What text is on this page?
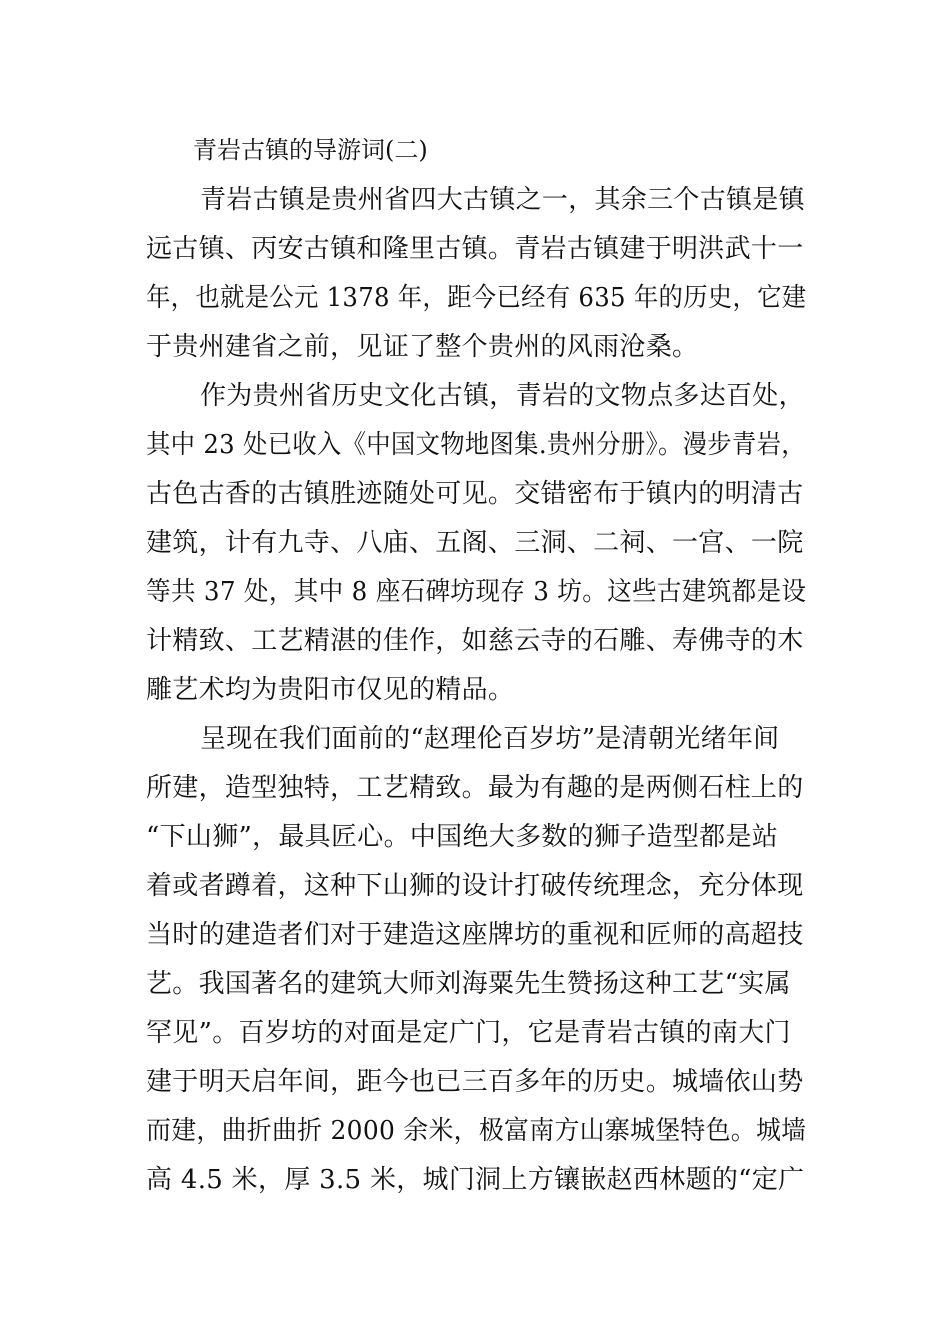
青岩古镇的导游词(二)
青岩古镇是贵州省四大古镇之一，其余三个古镇是镇
远古镇、丙安古镇和隆里古镇。青岩古镇建于明洪武十一
年，也就是公元 1378 年，距今已经有 635 年的历史，它建
于贵州建省之前，见证了整个贵州的风雨沧桑。
作为贵州省历史文化古镇，青岩的文物点多达百处，
其中 23 处已收入《中国文物地图集.贵州分册》。漫步青岩，
古色古香的古镇胜迹随处可见。交错密布于镇内的明清古
建筑，计有九寺、八庙、五阁、三洞、二祠、一宫、一院
等共 37 处，其中 8 座石碑坊现存 3 坊。这些古建筑都是设
计精致、工艺精湛的佳作，如慈云寺的石雕、寿佛寺的木
雕艺术均为贵阳市仅见的精品。
呈现在我们面前的“赵理伦百岁坊”是清朝光绪年间
所建，造型独特，工艺精致。最为有趣的是两侧石柱上的
“下山狮”，最具匠心。中国绝大多数的狮子造型都是站
着或者蹲着，这种下山狮的设计打破传统理念，充分体现
当时的建造者们对于建造这座牌坊的重视和匠师的高超技
艺。我国著名的建筑大师刘海粟先生赞扬这种工艺“实属
罕见”。百岁坊的对面是定广门，它是青岩古镇的南大门
建于明天启年间，距今也已三百多年的历史。城墙依山势
而建，曲折曲折 2000 余米，极富南方山寨城堡特色。城墙
高 4.5 米，厚 3.5 米，城门洞上方镶嵌赵西林题的“定广
